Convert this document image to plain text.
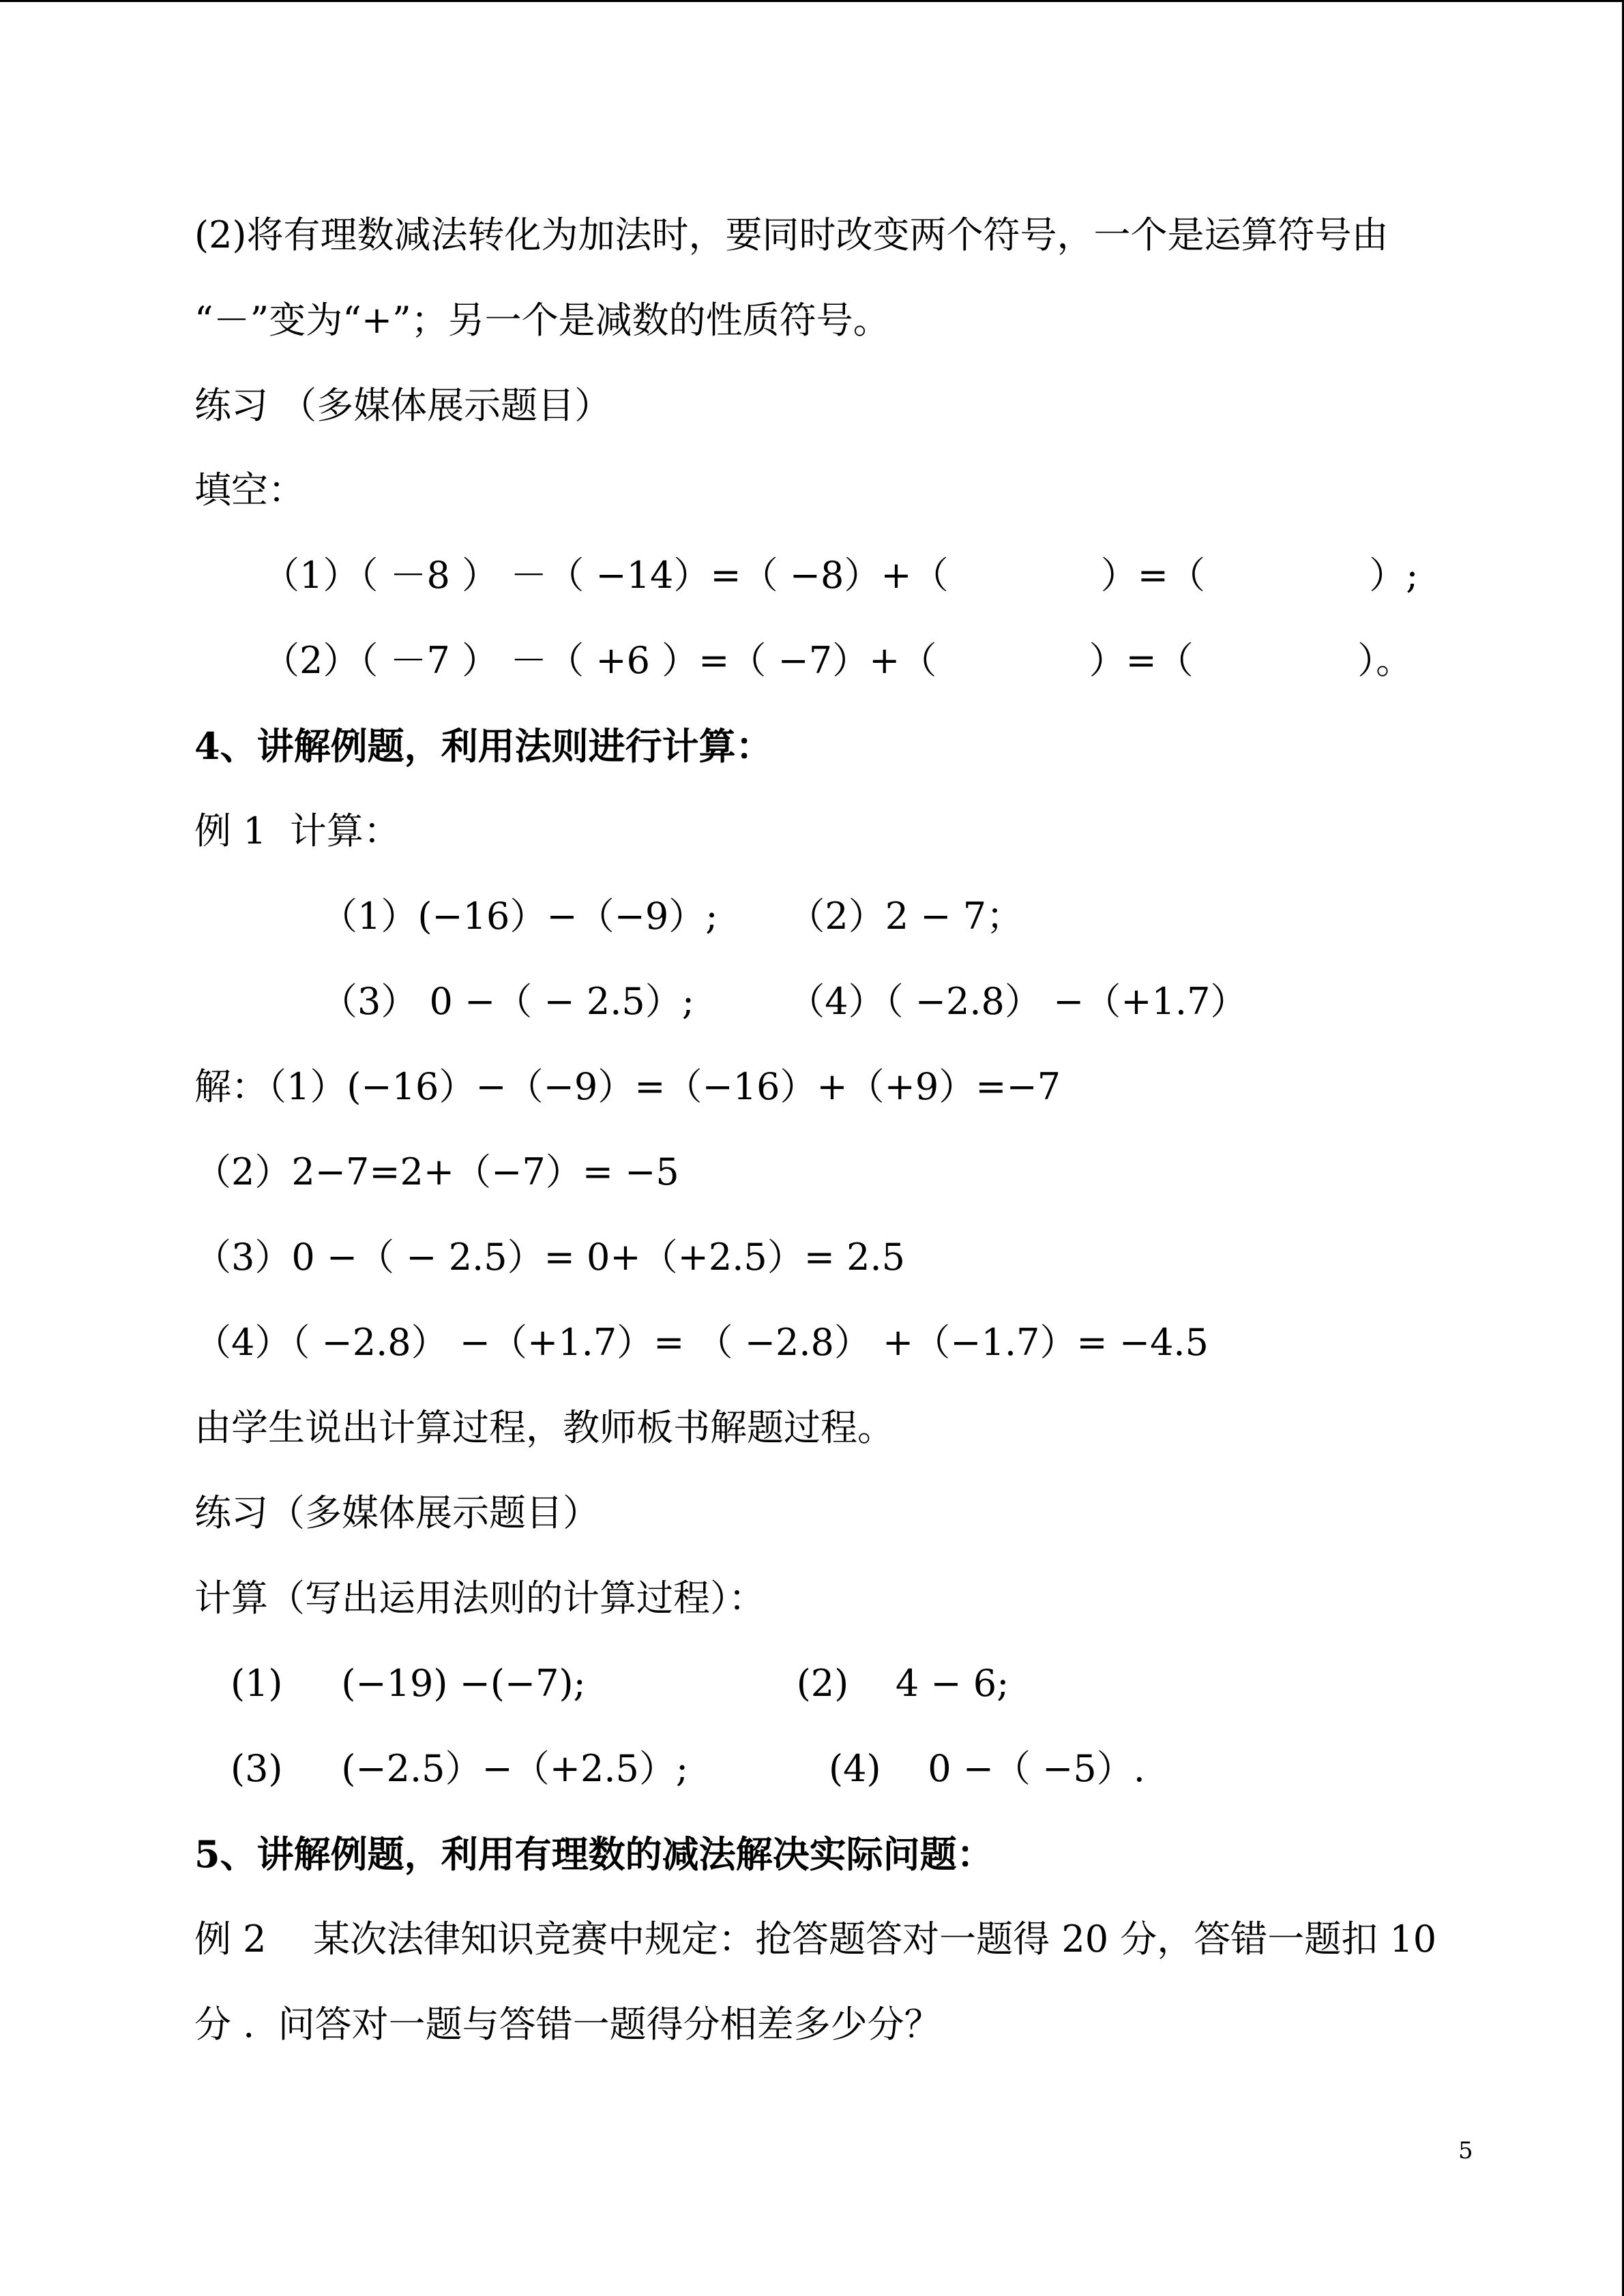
(2)将有理数减法转化为加法时，要同时改变两个符号，一个是运算符号由
“－”变为“+”；另一个是减数的性质符号。
练习 （多媒体展示题目）
填空：
（1）（ －8 ） －（ −14）=（ −8）+（             ）=（              ）;
（2）（ －7 ） －（ +6 ）=（ −7）+（             ）=（              ）。
4、讲解例题，利用法则进行计算：
例 1  计算：
（1）(−16）−（−9）;      （2）2 − 7；
（3） 0 −（ − 2.5）;        （4）（ −2.8） −（+1.7）
解：（1）(−16）−（−9）=（−16）+（+9）=−7
（2）2−7=2+（−7）= −5
（3）0 −（ − 2.5）= 0+（+2.5）= 2.5
（4）（ −2.8） −（+1.7）= （ −2.8） +（−1.7）= −4.5
由学生说出计算过程，教师板书解题过程。
练习（多媒体展示题目）
计算（写出运用法则的计算过程）：
(1)     (−19) −(−7);                  (2)    4 − 6;
(3)     (−2.5）−（+2.5）;            (4)    0 −（ −5）.
5、讲解例题，利用有理数的减法解决实际问题：
例 2    某次法律知识竞赛中规定：抢答题答对一题得 20 分，答错一题扣 10
分 .  问答对一题与答错一题得分相差多少分？
5
